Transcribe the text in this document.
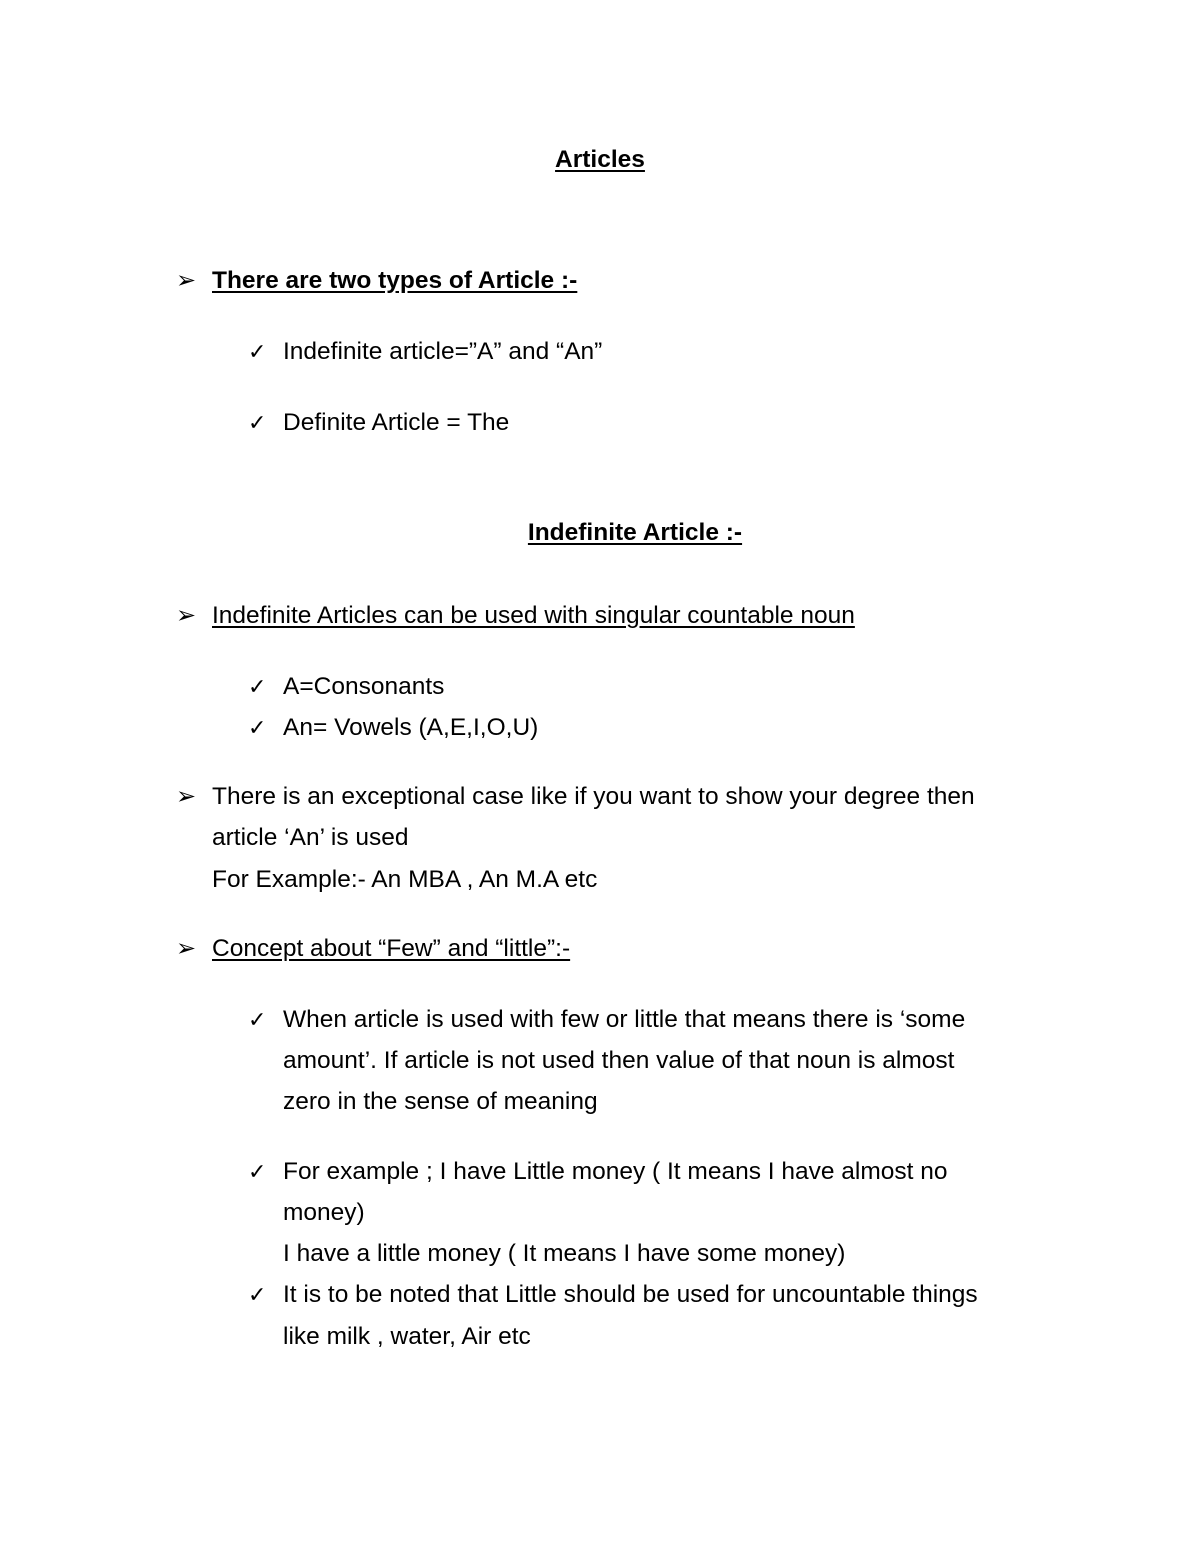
Articles
➢ There are two types of Article :-
✓ Indefinite article=”A” and “An”
✓ Definite Article = The
Indefinite Article :-
➢ Indefinite Articles can be used with singular countable noun
✓ A=Consonants
✓ An= Vowels (A,E,I,O,U)
➢ There is an exceptional case like if you want to show your degree then
article ‘An’ is used
For Example:- An MBA , An M.A etc
➢ Concept about “Few” and “little”:-
✓ When article is used with few or little that means there is ‘some
amount’. If article is not used then value of that noun is almost
zero in the sense of meaning
✓ For example ; I have Little money ( It means I have almost no
money)
I have a little money ( It means I have some money)
✓ It is to be noted that Little should be used for uncountable things
like milk , water, Air etc
